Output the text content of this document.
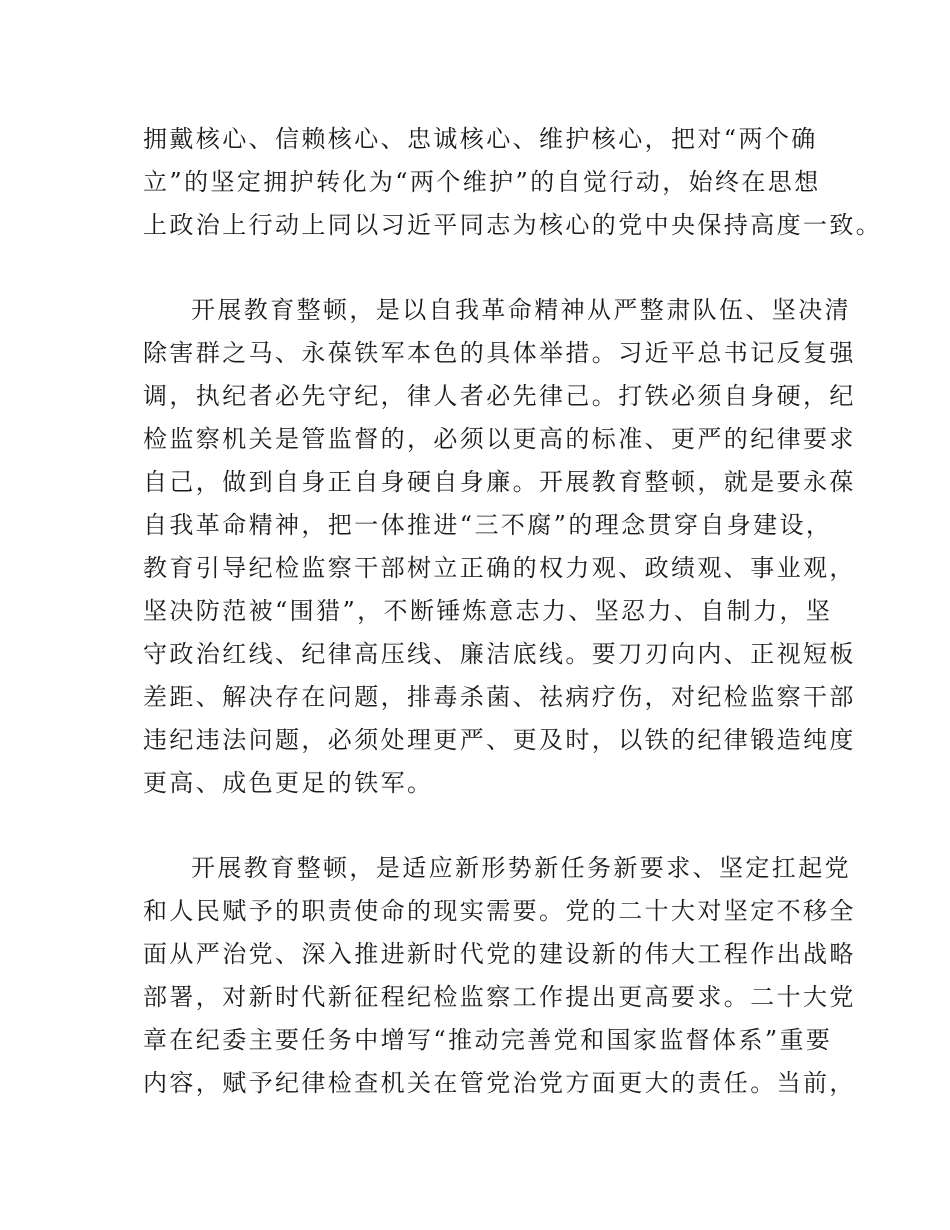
拥戴核心、信赖核心、忠诚核心、维护核心，把对“两个确

立”的坚定拥护转化为“两个维护”的自觉行动，始终在思想

上政治上行动上同以习近平同志为核心的党中央保持高度一致。

开展教育整顿，是以自我革命精神从严整肃队伍、坚决清

除害群之马、永葆铁军本色的具体举措。习近平总书记反复强

调，执纪者必先守纪，律人者必先律己。打铁必须自身硬，纪

检监察机关是管监督的，必须以更高的标准、更严的纪律要求

自己，做到自身正自身硬自身廉。开展教育整顿，就是要永葆

自我革命精神，把一体推进“三不腐”的理念贯穿自身建设，

教育引导纪检监察干部树立正确的权力观、政绩观、事业观，

坚决防范被“围猎”，不断锤炼意志力、坚忍力、自制力，坚

守政治红线、纪律高压线、廉洁底线。要刀刃向内、正视短板

差距、解决存在问题，排毒杀菌、祛病疗伤，对纪检监察干部

违纪违法问题，必须处理更严、更及时，以铁的纪律锻造纯度

更高、成色更足的铁军。

开展教育整顿，是适应新形势新任务新要求、坚定扛起党

和人民赋予的职责使命的现实需要。党的二十大对坚定不移全

面从严治党、深入推进新时代党的建设新的伟大工程作出战略

部署，对新时代新征程纪检监察工作提出更高要求。二十大党

章在纪委主要任务中增写“推动完善党和国家监督体系”重要

内容，赋予纪律检查机关在管党治党方面更大的责任。当前，
